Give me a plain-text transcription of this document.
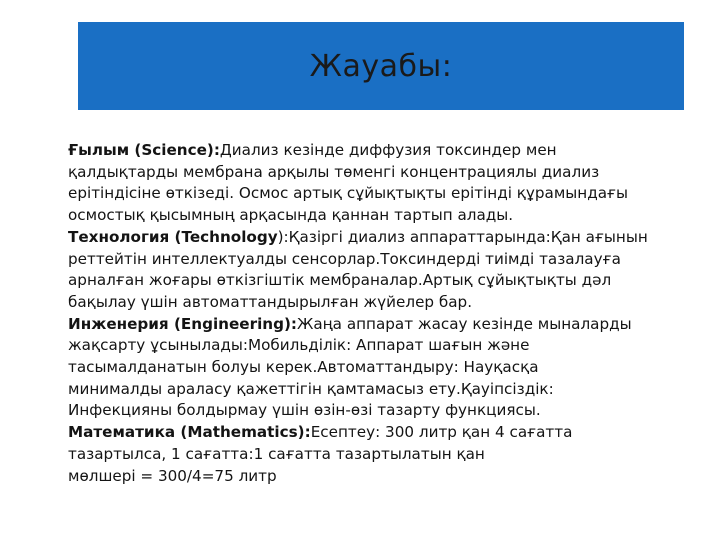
Жауабы:
Ғылым (Science):Диализ кезінде диффузия токсиндер мен
қалдықтарды мембрана арқылы төменгі концентрациялы диализ
ерітіндісіне өткізеді. Осмос артық сұйықтықты ерітінді құрамындағы
осмостық қысымның арқасында қаннан тартып алады.
Технология (Technology):Қазіргі диализ аппараттарында:Қан ағынын
реттейтін интеллектуалды сенсорлар.Токсиндерді тиімді тазалауға
арналған жоғары өткізгіштік мембраналар.Артық сұйықтықты дәл
бақылау үшін автоматтандырылған жүйелер бар.
Инженерия (Engineering):Жаңа аппарат жасау кезінде мыналарды
жақсарту ұсынылады:Мобильділік: Аппарат шағын және
тасымалданатын болуы керек.Автоматтандыру: Науқасқа
минималды араласу қажеттігін қамтамасыз ету.Қауіпсіздік:
Инфекцияны болдырмау үшін өзін-өзі тазарту функциясы.
Математика (Mathematics):Есептеу: 300 литр қан 4 сағатта
тазартылса, 1 сағатта:1 сағатта тазартылатын қан
мөлшері = 300/4=75 литр
